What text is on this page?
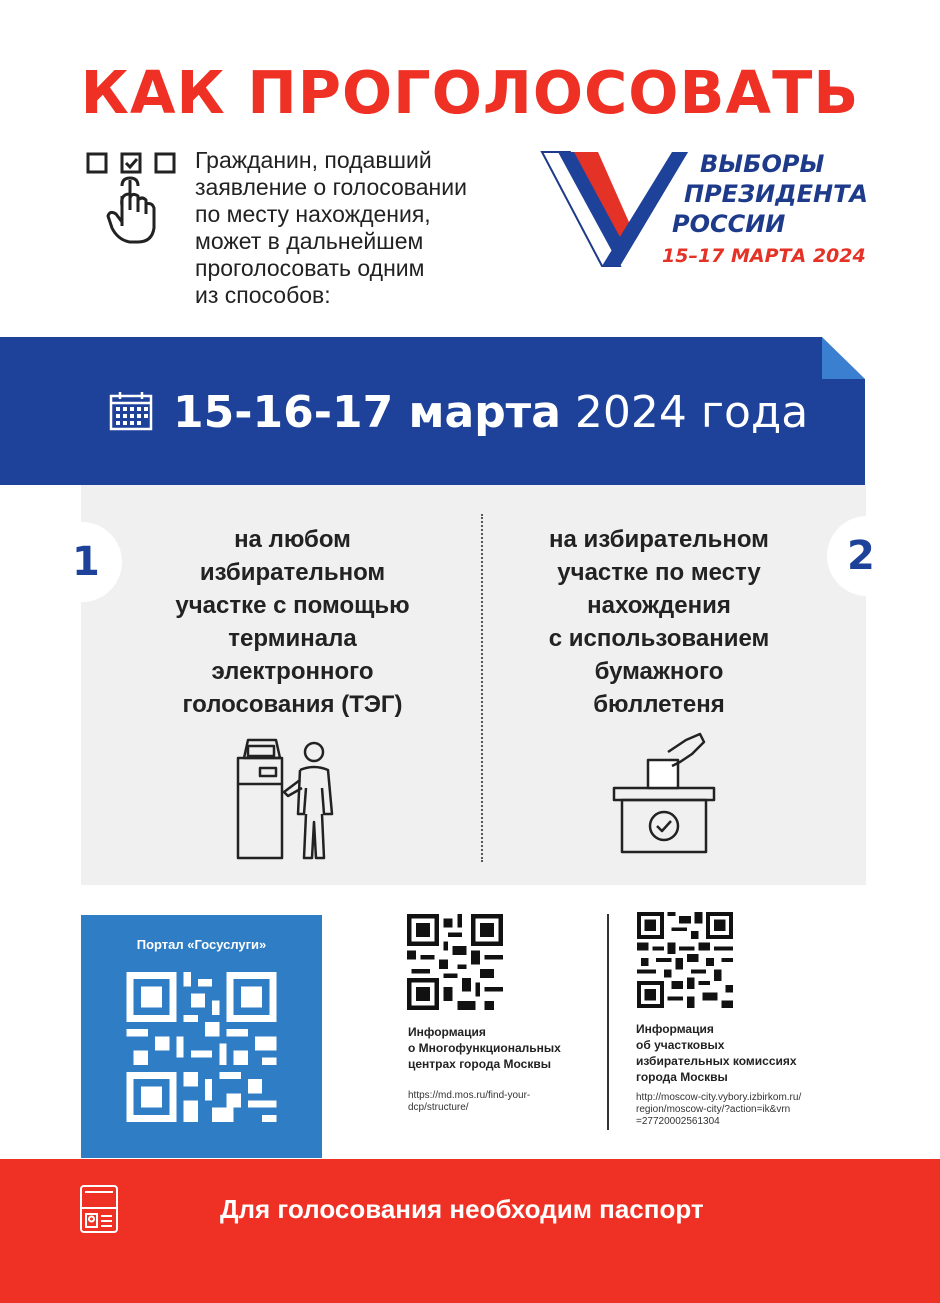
КАК ПРОГОЛОСОВАТЬ
Гражданин, подавший
заявление о голосовании
по месту нахождения,
может в дальнейшем
проголосовать одним
из способов:
ВЫБОРЫ
ПРЕЗИДЕНТА
РОССИИ
15–17 МАРТА 2024
15-16-17 марта 2024 года
1	2
на любом
избирательном
участке с помощью
терминала
электронного
голосования (ТЭГ)
на избирательном
участке по месту
нахождения
с использованием
бумажного
бюллетеня
Портал «Госуслуги»
Информация
о Многофункциональных
центрах города Москвы
https://md.mos.ru/find-your-
dcp/structure/
Информация
об участковых
избирательных комиссиях
города Москвы
http://moscow-city.vybory.izbirkom.ru/
region/moscow-city/?action=ik&vrn
=27720002561304
Для голосования необходим паспорт
